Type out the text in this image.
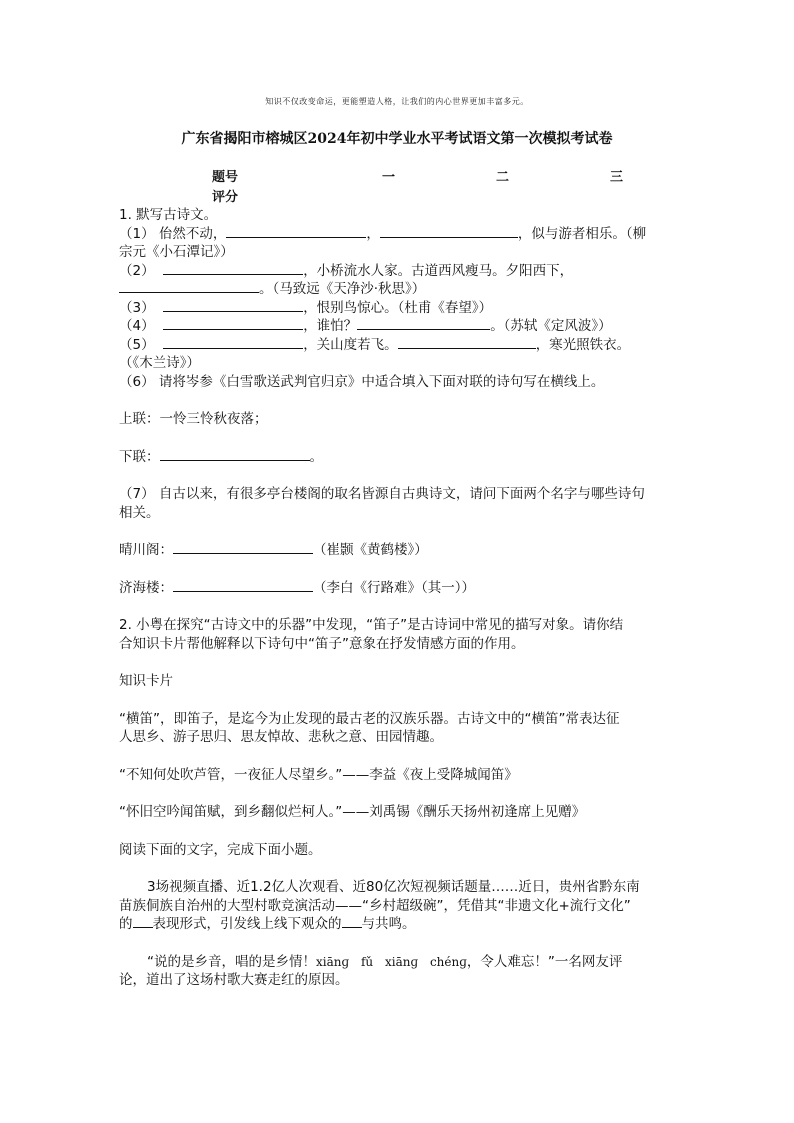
知识不仅改变命运，更能塑造人格，让我们的内心世界更加丰富多元。
广东省揭阳市榕城区2024年初中学业水平考试语文第一次模拟考试卷
题号	一	二	三
评分

1. 默写古诗文。

（1） 佁然不动，	，	，似与游者相乐。（柳

宗元《小石潭记》）

（2）	，小桥流水人家。古道西风瘦马。夕阳西下，

。（马致远《天净沙·秋思》）

（3）	，恨别鸟惊心。（杜甫《春望》）

（4）	，谁怕？	。（苏轼《定风波》）

（5）	，关山度若飞。	，寒光照铁衣。

（《木兰诗》）

（6） 请将岑参《白雪歌送武判官归京》中适合填入下面对联的诗句写在横线上。

上联：一怜三怜秋夜落；

下联：	。

（7） 自古以来，有很多亭台楼阁的取名皆源自古典诗文，请问下面两个名字与哪些诗句

相关。

晴川阁：	（崔颢《黄鹤楼》）

济海楼：	（李白《行路难》（其一））

2. 小粤在探究“古诗文中的乐器”中发现，“笛子”是古诗词中常见的描写对象。请你结

合知识卡片帮他解释以下诗句中“笛子”意象在抒发情感方面的作用。

知识卡片

“横笛”，即笛子，是迄今为止发现的最古老的汉族乐器。古诗文中的“横笛”常表达征

人思乡、游子思归、思友悼故、悲秋之意、田园情趣。

“不知何处吹芦管，一夜征人尽望乡。”——李益《夜上受降城闻笛》

“怀旧空吟闻笛赋，到乡翻似烂柯人。”——刘禹锡《酬乐天扬州初逢席上见赠》

阅读下面的文字，完成下面小题。

3场视频直播、近1.2亿人次观看、近80亿次短视频话题量……近日，贵州省黔东南

苗族侗族自治州的大型村歌竞演活动——“乡村超级碗”，凭借其“非遗文化+流行文化”

的 表现形式，引发线上线下观众的 与共鸣。

“说的是乡音，唱的是乡情！xiānɡ fǔ xiānɡ chénɡ，令人难忘！”一名网友评

论，道出了这场村歌大赛走红的原因。
